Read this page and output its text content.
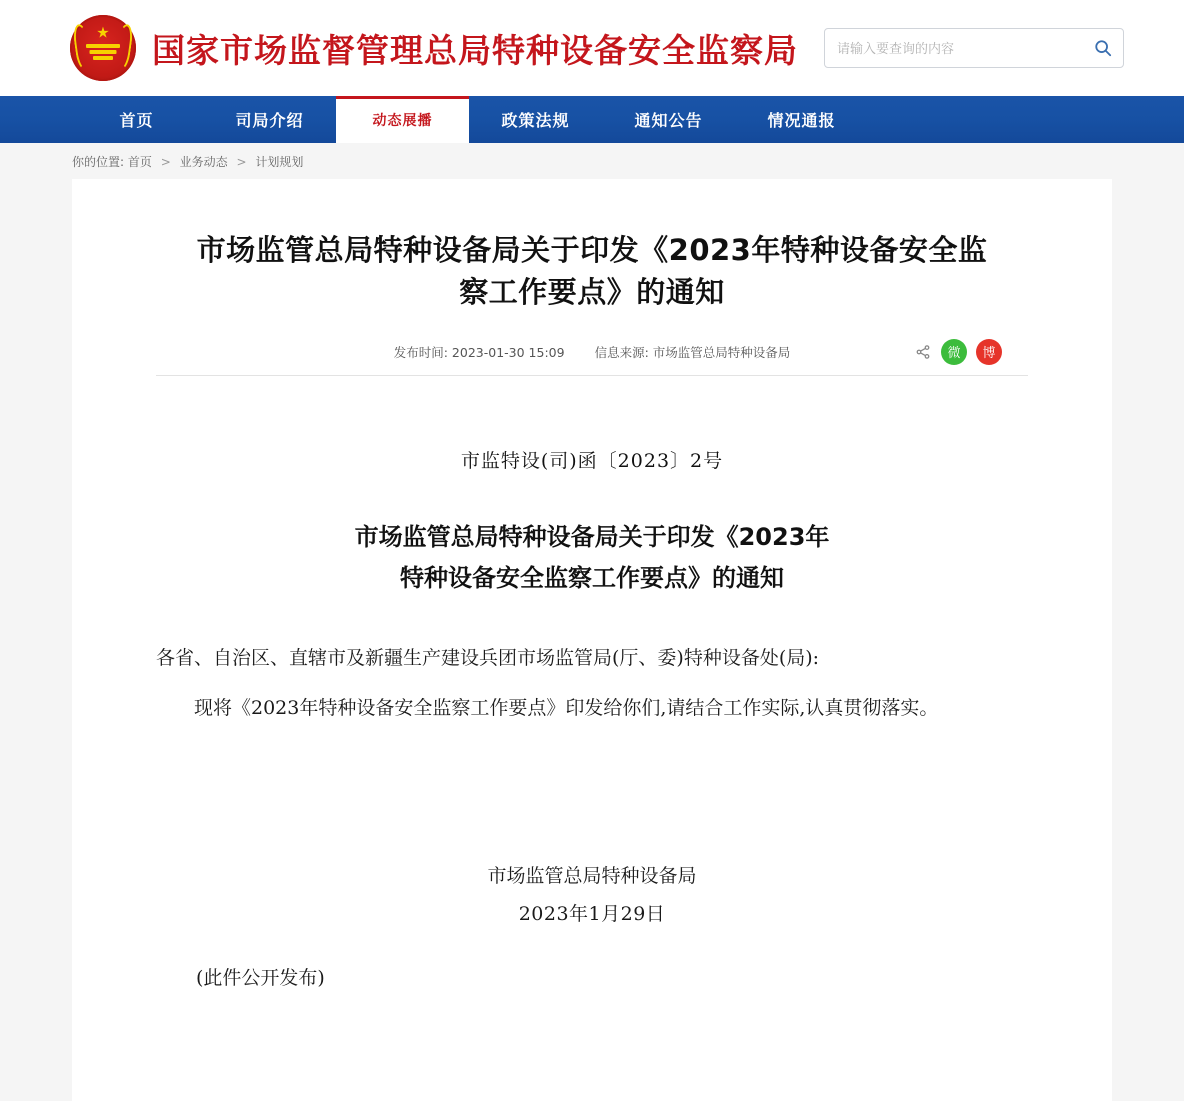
★ 国家市场监督管理总局特种设备安全监察局
请输入要查询的内容
首页	司局介绍	动态展播	政策法规	通知公告	情况通报
你的位置: 首页 > 业务动态 > 计划规划
市场监管总局特种设备局关于印发《2023年特种设备安全监察工作要点》的通知
发布时间: 2023-01-30 15:09 信息来源: 市场监管总局特种设备局	微 博
市监特设(司)函〔2023〕2号
市场监管总局特种设备局关于印发《2023年
特种设备安全监察工作要点》的通知

各省、自治区、直辖市及新疆生产建设兵团市场监管局(厅、委)特种设备处(局):

现将《2023年特种设备安全监察工作要点》印发给你们,请结合工作实际,认真贯彻落实。

市场监管总局特种设备局
2023年1月29日
(此件公开发布)
